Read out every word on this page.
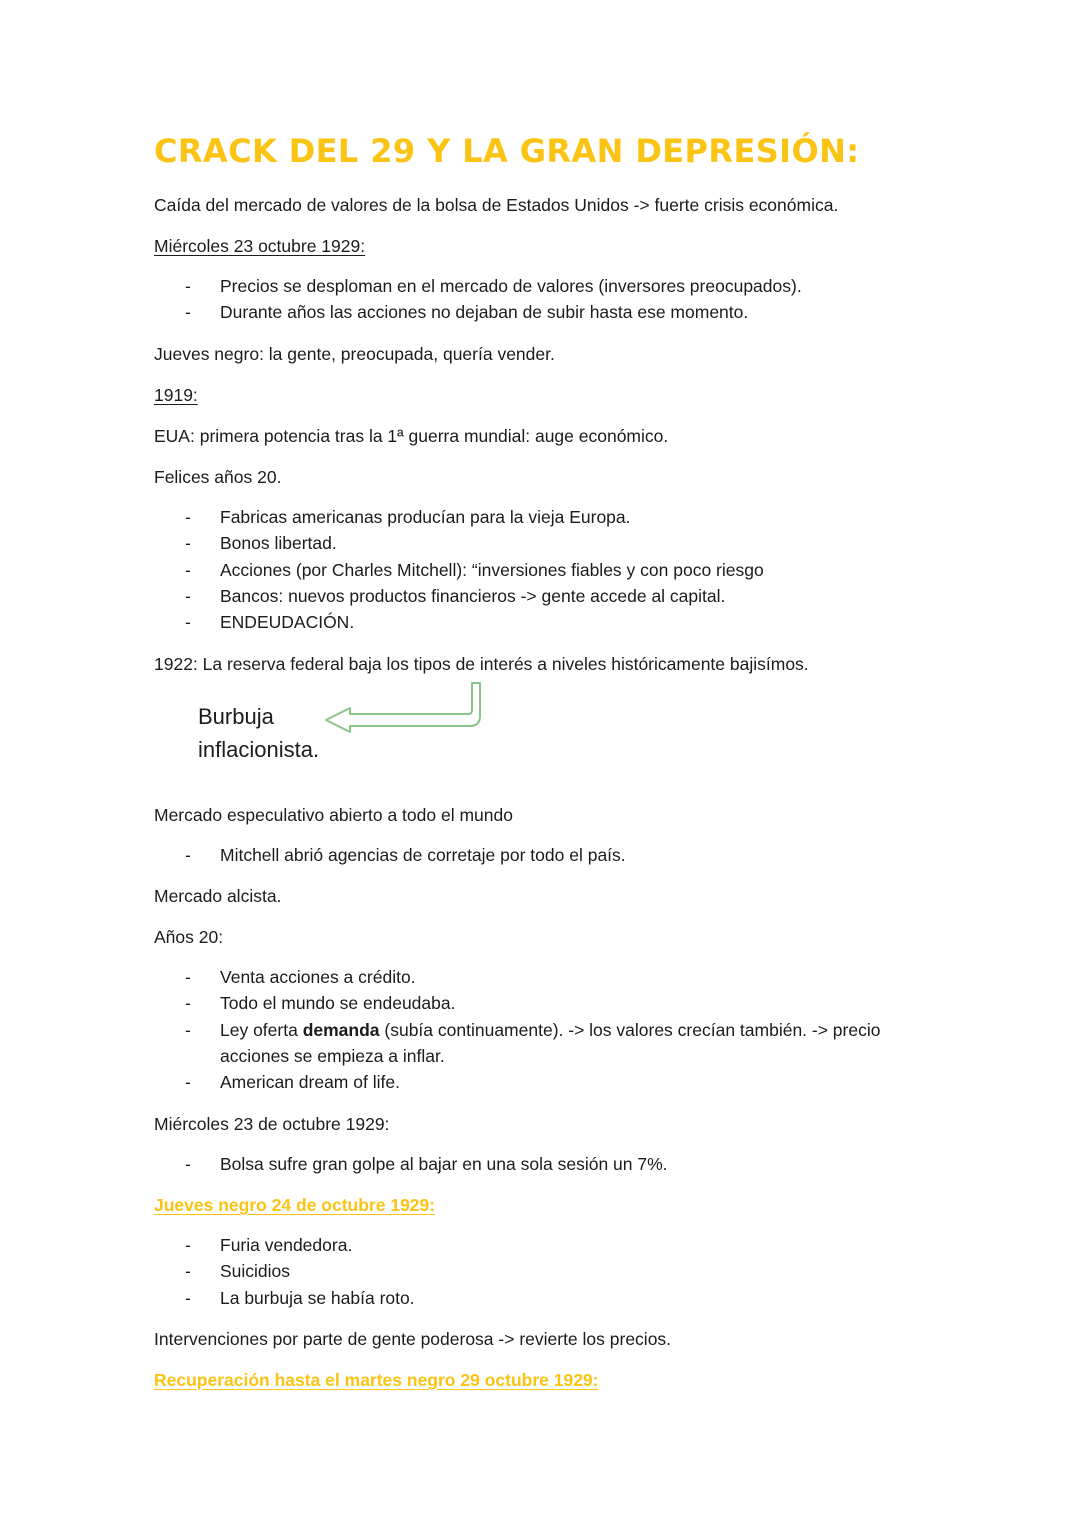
CRACK DEL 29 Y LA GRAN DEPRESIÓN:
Caída del mercado de valores de la bolsa de Estados Unidos -> fuerte crisis económica.
Miércoles 23 octubre 1929:
- Precios se desploman en el mercado de valores (inversores preocupados).
- Durante años las acciones no dejaban de subir hasta ese momento.
Jueves negro: la gente, preocupada, quería vender.
1919:
EUA: primera potencia tras la 1ª guerra mundial: auge económico.
Felices años 20.
- Fabricas americanas producían para la vieja Europa.
- Bonos libertad.
- Acciones (por Charles Mitchell): “inversiones fiables y con poco riesgo
- Bancos: nuevos productos financieros -> gente accede al capital.
- ENDEUDACIÓN.
1922: La reserva federal baja los tipos de interés a niveles históricamente bajisímos.
Burbuja
inflacionista.
Mercado especulativo abierto a todo el mundo
- Mitchell abrió agencias de corretaje por todo el país.
Mercado alcista.
Años 20:
- Venta acciones a crédito.
- Todo el mundo se endeudaba.
- Ley oferta demanda (subía continuamente). -> los valores crecían también. -> precio acciones se empieza a inflar.
- American dream of life.
Miércoles 23 de octubre 1929:
- Bolsa sufre gran golpe al bajar en una sola sesión un 7%.
Jueves negro 24 de octubre 1929:
- Furia vendedora.
- Suicidios
- La burbuja se había roto.
Intervenciones por parte de gente poderosa -> revierte los precios.
Recuperación hasta el martes negro 29 octubre 1929:
